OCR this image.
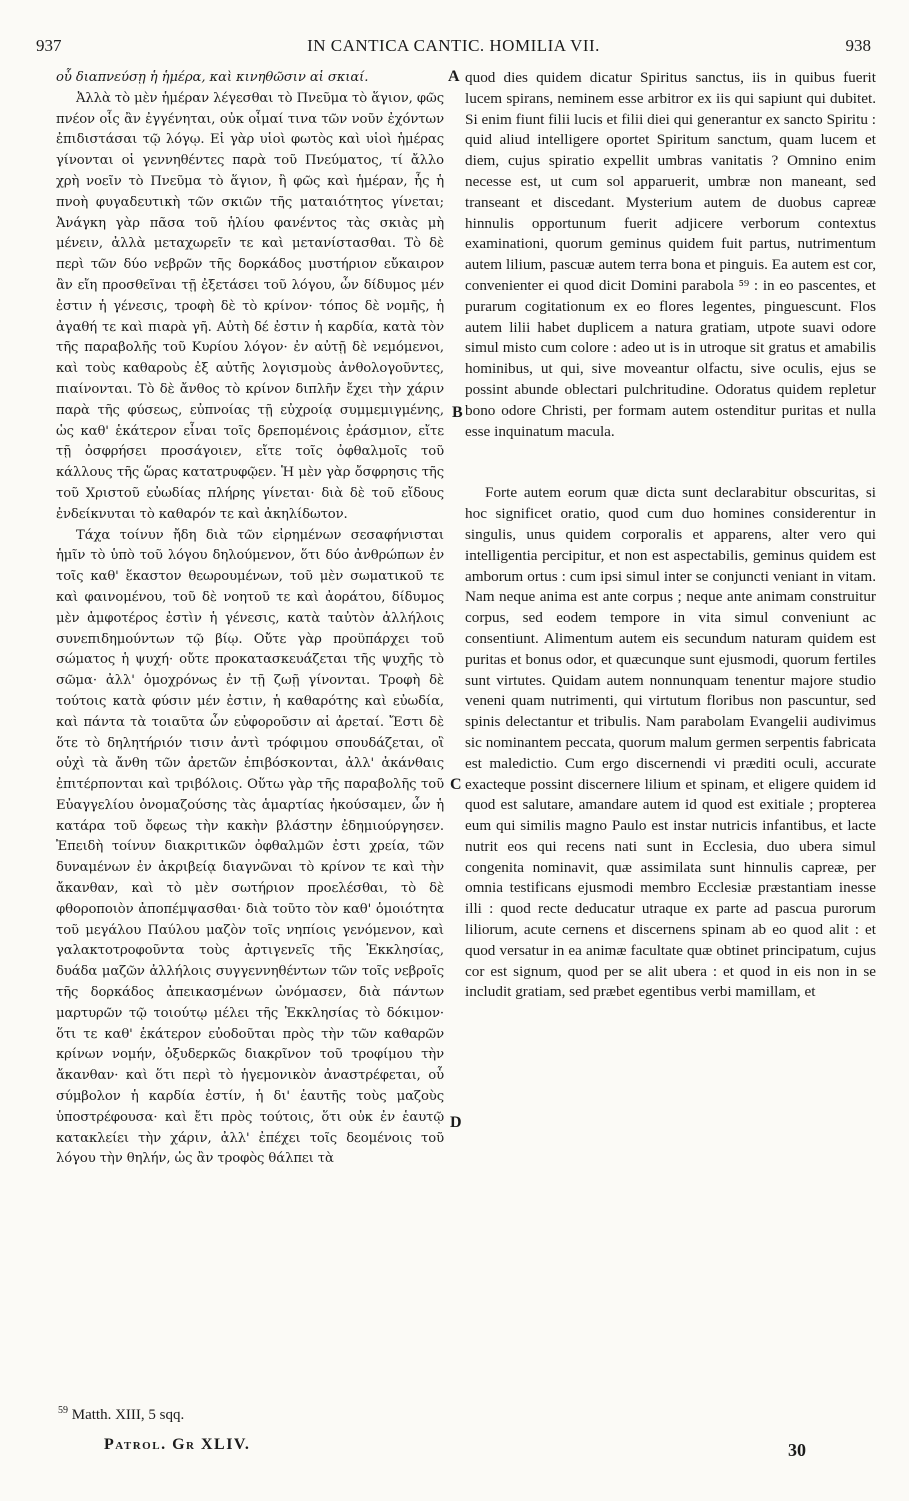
937	IN CANTICA CANTIC. HOMILIA VII.	938

οὗ διαπνεύσῃ ἡ ἡμέρα, καὶ κινηθῶσιν αἱ σκιαί.

Ἀλλὰ τὸ μὲν ἡμέραν λέγεσθαι τὸ Πνεῦμα τὸ ἅγιον, φῶς πνέον οἷς ἂν ἐγγένηται, οὐκ οἶμαί τινα τῶν νοῦν ἐχόντων ἐπιδιστάσαι τῷ λόγῳ. Εἰ γὰρ υἱοὶ φωτὸς καὶ υἱοὶ ἡμέρας γίνονται οἱ γεννηθέντες παρὰ τοῦ Πνεύματος, τί ἄλλο χρὴ νοεῖν τὸ Πνεῦμα τὸ ἅγιον, ἢ φῶς καὶ ἡμέραν, ἧς ἡ πνοὴ φυγαδευτικὴ τῶν σκιῶν τῆς ματαιότητος γίνεται; Ἀνάγκη γὰρ πᾶσα τοῦ ἡλίου φανέντος τὰς σκιὰς μὴ μένειν, ἀλλὰ μεταχωρεῖν τε καὶ μετανίστασθαι. Τὸ δὲ περὶ τῶν δύο νεβρῶν τῆς δορκάδος μυστήριον εὔκαιρον ἂν εἴη προσθεῖναι τῇ ἐξετάσει τοῦ λόγου, ὧν δίδυμος μέν ἐστιν ἡ γένεσις, τροφὴ δὲ τὸ κρίνον· τόπος δὲ νομῆς, ἡ ἀγαθή τε καὶ πιαρὰ γῆ. Αὐτὴ δέ ἐστιν ἡ καρδία, κατὰ τὸν τῆς παραβολῆς τοῦ Κυρίου λόγον· ἐν αὐτῇ δὲ νεμόμενοι, καὶ τοὺς καθαροὺς ἐξ αὐτῆς λογισμοὺς ἀνθολογοῦντες, πιαίνονται. Τὸ δὲ ἄνθος τὸ κρίνον διπλῆν ἔχει τὴν χάριν παρὰ τῆς φύσεως, εὐπνοίας τῇ εὐχροίᾳ συμμεμιγμένης, ὡς καθ' ἑκάτερον εἶναι τοῖς δρεπομένοις ἐράσμιον, εἴτε τῇ ὀσφρήσει προσάγοιεν, εἴτε τοῖς ὀφθαλμοῖς τοῦ κάλλους τῆς ὥρας κατατρυφῷεν. Ἡ μὲν γὰρ ὄσφρησις τῆς τοῦ Χριστοῦ εὐωδίας πλήρης γίνεται· διὰ δὲ τοῦ εἴδους ἐνδείκνυται τὸ καθαρόν τε καὶ ἀκηλίδωτον.

Τάχα τοίνυν ἤδη διὰ τῶν εἰρημένων σεσαφήνισται ἡμῖν τὸ ὑπὸ τοῦ λόγου δηλούμενον, ὅτι δύο ἀνθρώπων ἐν τοῖς καθ' ἕκαστον θεωρουμένων, τοῦ μὲν σωματικοῦ τε καὶ φαινομένου, τοῦ δὲ νοητοῦ τε καὶ ἀοράτου, δίδυμος μὲν ἀμφοτέρος ἐστὶν ἡ γένεσις, κατὰ ταὐτὸν ἀλλήλοις συνεπιδημούντων τῷ βίῳ. Οὔτε γὰρ προϋπάρχει τοῦ σώματος ἡ ψυχή· οὔτε προκατασκευάζεται τῆς ψυχῆς τὸ σῶμα· ἀλλ' ὁμοχρόνως ἐν τῇ ζωῇ γίνονται. Τροφὴ δὲ τούτοις κατὰ φύσιν μέν ἐστιν, ἡ καθαρότης καὶ εὐωδία, καὶ πάντα τὰ τοιαῦτα ὧν εὐφοροῦσιν αἱ ἀρεταί. Ἔστι δὲ ὅτε τὸ δηλητήριόν τισιν ἀντὶ τρόφιμου σπουδάζεται, οἳ οὐχὶ τὰ ἄνθη τῶν ἀρετῶν ἐπιβόσκονται, ἀλλ' ἀκάνθαις ἐπιτέρπονται καὶ τριβόλοις. Οὕτω γὰρ τῆς παραβολῆς τοῦ Εὐαγγελίου ὀνομαζούσης τὰς ἁμαρτίας ἠκούσαμεν, ὧν ἡ κατάρα τοῦ ὄφεως τὴν κακὴν βλάστην ἐδημιούργησεν. Ἐπειδὴ τοίνυν διακριτικῶν ὀφθαλμῶν ἐστι χρεία, τῶν δυναμένων ἐν ἀκριβείᾳ διαγνῶναι τὸ κρίνον τε καὶ τὴν ἄκανθαν, καὶ τὸ μὲν σωτήριον προελέσθαι, τὸ δὲ φθοροποιὸν ἀποπέμψασθαι· διὰ τοῦτο τὸν καθ' ὁμοιότητα τοῦ μεγάλου Παύλου μαζὸν τοῖς νηπίοις γενόμενον, καὶ γαλακτοτροφοῦντα τοὺς ἀρτιγενεῖς τῆς Ἐκκλησίας, δυάδα μαζῶν ἀλλήλοις συγγεννηθέντων τῶν τοῖς νεβροῖς τῆς δορκάδος ἀπεικασμένων ὠνόμασεν, διὰ πάντων μαρτυρῶν τῷ τοιούτῳ μέλει τῆς Ἐκκλησίας τὸ δόκιμον· ὅτι τε καθ' ἑκάτερον εὐοδοῦται πρὸς τὴν τῶν καθαρῶν κρίνων νομήν, ὀξυδερκῶς διακρῖνον τοῦ τροφίμου τὴν ἄκανθαν· καὶ ὅτι περὶ τὸ ἡγεμονικὸν ἀναστρέφεται, οὗ σύμβολον ἡ καρδία ἐστίν, ἡ δι' ἑαυτῆς τοὺς μαζοὺς ὑποστρέφουσα· καὶ ἔτι πρὸς τούτοις, ὅτι οὐκ ἐν ἑαυτῷ κατακλείει τὴν χάριν, ἀλλ' ἐπέχει τοῖς δεομένοις τοῦ λόγου τὴν θηλήν, ὡς ἂν τροφὸς θάλπει τὰ

A
B
C
D

quod dies quidem dicatur Spiritus sanctus, iis in quibus fuerit lucem spirans, neminem esse arbitror ex iis qui sapiunt qui dubitet. Si enim fiunt filii lucis et filii diei qui generantur ex sancto Spiritu : quid aliud intelligere oportet Spiritum sanctum, quam lucem et diem, cujus spiratio expellit umbras vanitatis ? Omnino enim necesse est, ut cum sol apparuerit, umbræ non maneant, sed transeant et discedant. Mysterium autem de duobus capreæ hinnulis opportunum fuerit adjicere verborum contextus examinationi, quorum geminus quidem fuit partus, nutrimentum autem lilium, pascuæ autem terra bona et pinguis. Ea autem est cor, convenienter ei quod dicit Domini parabola ⁵⁹ : in eo pascentes, et purarum cogitationum ex eo flores legentes, pinguescunt. Flos autem lilii habet duplicem a natura gratiam, utpote suavi odore simul misto cum colore : adeo ut is in utroque sit gratus et amabilis hominibus, ut qui, sive moveantur olfactu, sive oculis, ejus se possint abunde oblectari pulchritudine. Odoratus quidem repletur bono odore Christi, per formam autem ostenditur puritas et nulla esse inquinatum macula.

Forte autem eorum quæ dicta sunt declarabitur obscuritas, si hoc significet oratio, quod cum duo homines considerentur in singulis, unus quidem corporalis et apparens, alter vero qui intelligentia percipitur, et non est aspectabilis, geminus quidem est amborum ortus : cum ipsi simul inter se conjuncti veniant in vitam. Nam neque anima est ante corpus ; neque ante animam construitur corpus, sed eodem tempore in vita simul conveniunt ac consentiunt. Alimentum autem eis secundum naturam quidem est puritas et bonus odor, et quæcunque sunt ejusmodi, quorum fertiles sunt virtutes. Quidam autem nonnunquam tenentur majore studio veneni quam nutrimenti, qui virtutum floribus non pascuntur, sed spinis delectantur et tribulis. Nam parabolam Evangelii audivimus sic nominantem peccata, quorum malum germen serpentis fabricata est maledictio. Cum ergo discernendi vi præditi oculi, accurate exacteque possint discernere lilium et spinam, et eligere quidem id quod est salutare, amandare autem id quod est exitiale ; propterea eum qui similis magno Paulo est instar nutricis infantibus, et lacte nutrit eos qui recens nati sunt in Ecclesia, duo ubera simul congenita nominavit, quæ assimilata sunt hinnulis capreæ, per omnia testificans ejusmodi membro Ecclesiæ præstantiam inesse illi : quod recte deducatur utraque ex parte ad pascua purorum liliorum, acute cernens et discernens spinam ab eo quod alit : et quod versatur in ea animæ facultate quæ obtinet principatum, cujus cor est signum, quod per se alit ubera : et quod in eis non in se includit gratiam, sed præbet egentibus verbi mamillam, et

$^{59}$ Matth. XIII, 5 sqq.
Patrol. Gr XLIV.	30
